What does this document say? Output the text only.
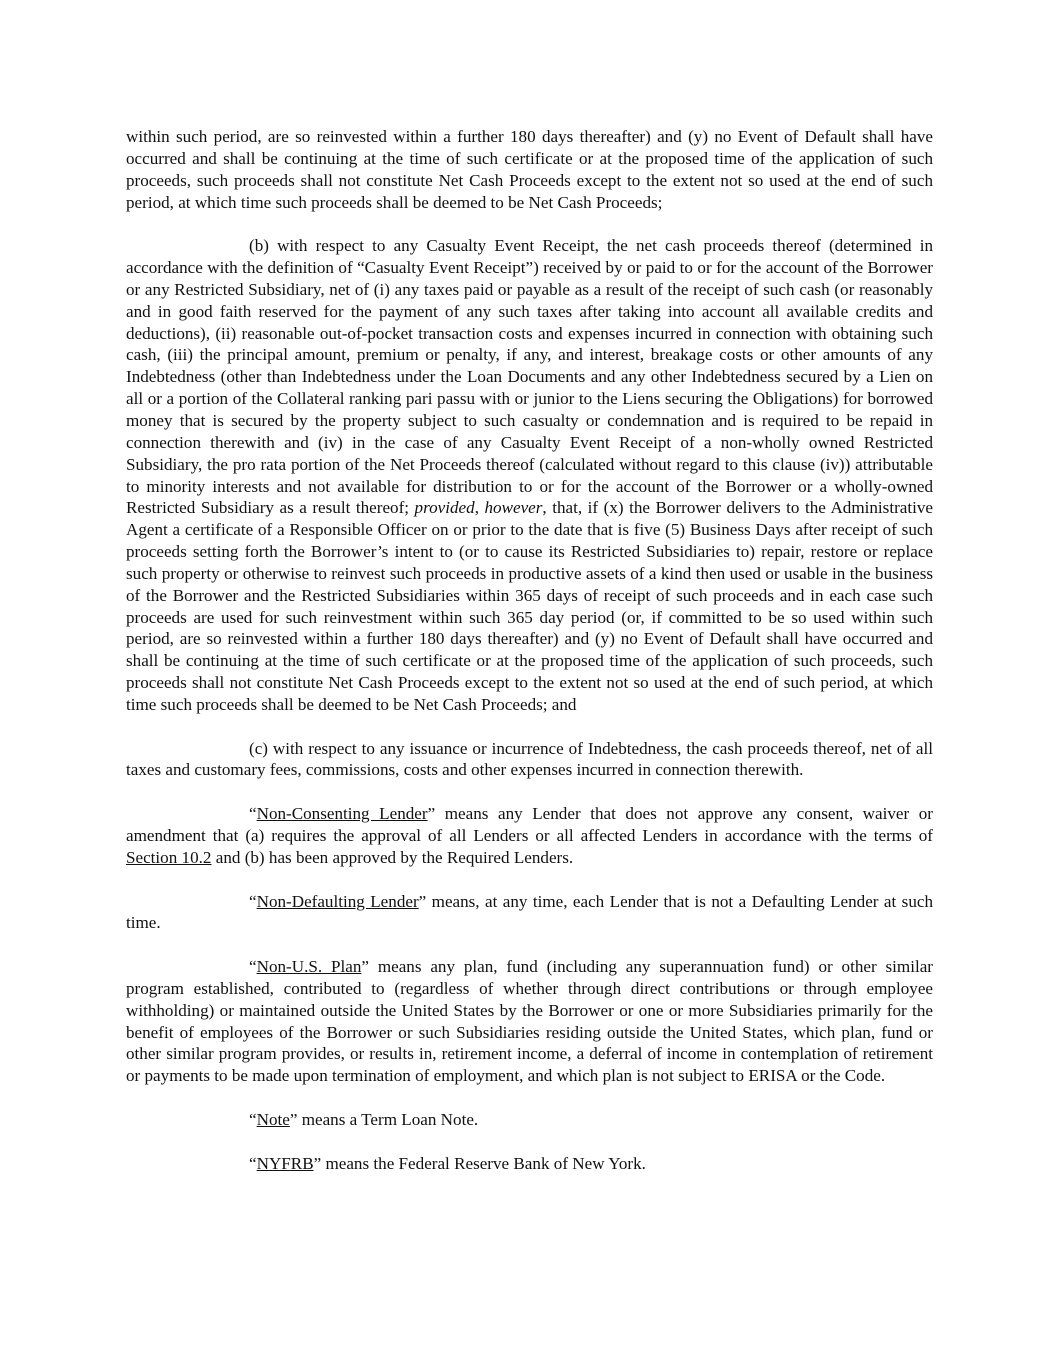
within such period, are so reinvested within a further 180 days thereafter) and (y) no Event of Default shall have occurred and shall be continuing at the time of such certificate or at the proposed time of the application of such proceeds, such proceeds shall not constitute Net Cash Proceeds except to the extent not so used at the end of such period, at which time such proceeds shall be deemed to be Net Cash Proceeds;

(b) with respect to any Casualty Event Receipt, the net cash proceeds thereof (determined in accordance with the definition of “Casualty Event Receipt”) received by or paid to or for the account of the Borrower or any Restricted Subsidiary, net of (i) any taxes paid or payable as a result of the receipt of such cash (or reasonably and in good faith reserved for the payment of any such taxes after taking into account all available credits and deductions), (ii) reasonable out-of-pocket transaction costs and expenses incurred in connection with obtaining such cash, (iii) the principal amount, premium or penalty, if any, and interest, breakage costs or other amounts of any Indebtedness (other than Indebtedness under the Loan Documents and any other Indebtedness secured by a Lien on all or a portion of the Collateral ranking pari passu with or junior to the Liens securing the Obligations) for borrowed money that is secured by the property subject to such casualty or condemnation and is required to be repaid in connection therewith and (iv) in the case of any Casualty Event Receipt of a non-wholly owned Restricted Subsidiary, the pro rata portion of the Net Proceeds thereof (calculated without regard to this clause (iv)) attributable to minority interests and not available for distribution to or for the account of the Borrower or a wholly-owned Restricted Subsidiary as a result thereof; provided, however, that, if (x) the Borrower delivers to the Administrative Agent a certificate of a Responsible Officer on or prior to the date that is five (5) Business Days after receipt of such proceeds setting forth the Borrower’s intent to (or to cause its Restricted Subsidiaries to) repair, restore or replace such property or otherwise to reinvest such proceeds in productive assets of a kind then used or usable in the business of the Borrower and the Restricted Subsidiaries within 365 days of receipt of such proceeds and in each case such proceeds are used for such reinvestment within such 365 day period (or, if committed to be so used within such period, are so reinvested within a further 180 days thereafter) and (y) no Event of Default shall have occurred and shall be continuing at the time of such certificate or at the proposed time of the application of such proceeds, such proceeds shall not constitute Net Cash Proceeds except to the extent not so used at the end of such period, at which time such proceeds shall be deemed to be Net Cash Proceeds; and

(c) with respect to any issuance or incurrence of Indebtedness, the cash proceeds thereof, net of all taxes and customary fees, commissions, costs and other expenses incurred in connection therewith.

“Non-Consenting Lender” means any Lender that does not approve any consent, waiver or amendment that (a) requires the approval of all Lenders or all affected Lenders in accordance with the terms of Section 10.2 and (b) has been approved by the Required Lenders.

“Non-Defaulting Lender” means, at any time, each Lender that is not a Defaulting Lender at such time.

“Non-U.S. Plan” means any plan, fund (including any superannuation fund) or other similar program established, contributed to (regardless of whether through direct contributions or through employee withholding) or maintained outside the United States by the Borrower or one or more Subsidiaries primarily for the benefit of employees of the Borrower or such Subsidiaries residing outside the United States, which plan, fund or other similar program provides, or results in, retirement income, a deferral of income in contemplation of retirement or payments to be made upon termination of employment, and which plan is not subject to ERISA or the Code.

“Note” means a Term Loan Note.

“NYFRB” means the Federal Reserve Bank of New York.
